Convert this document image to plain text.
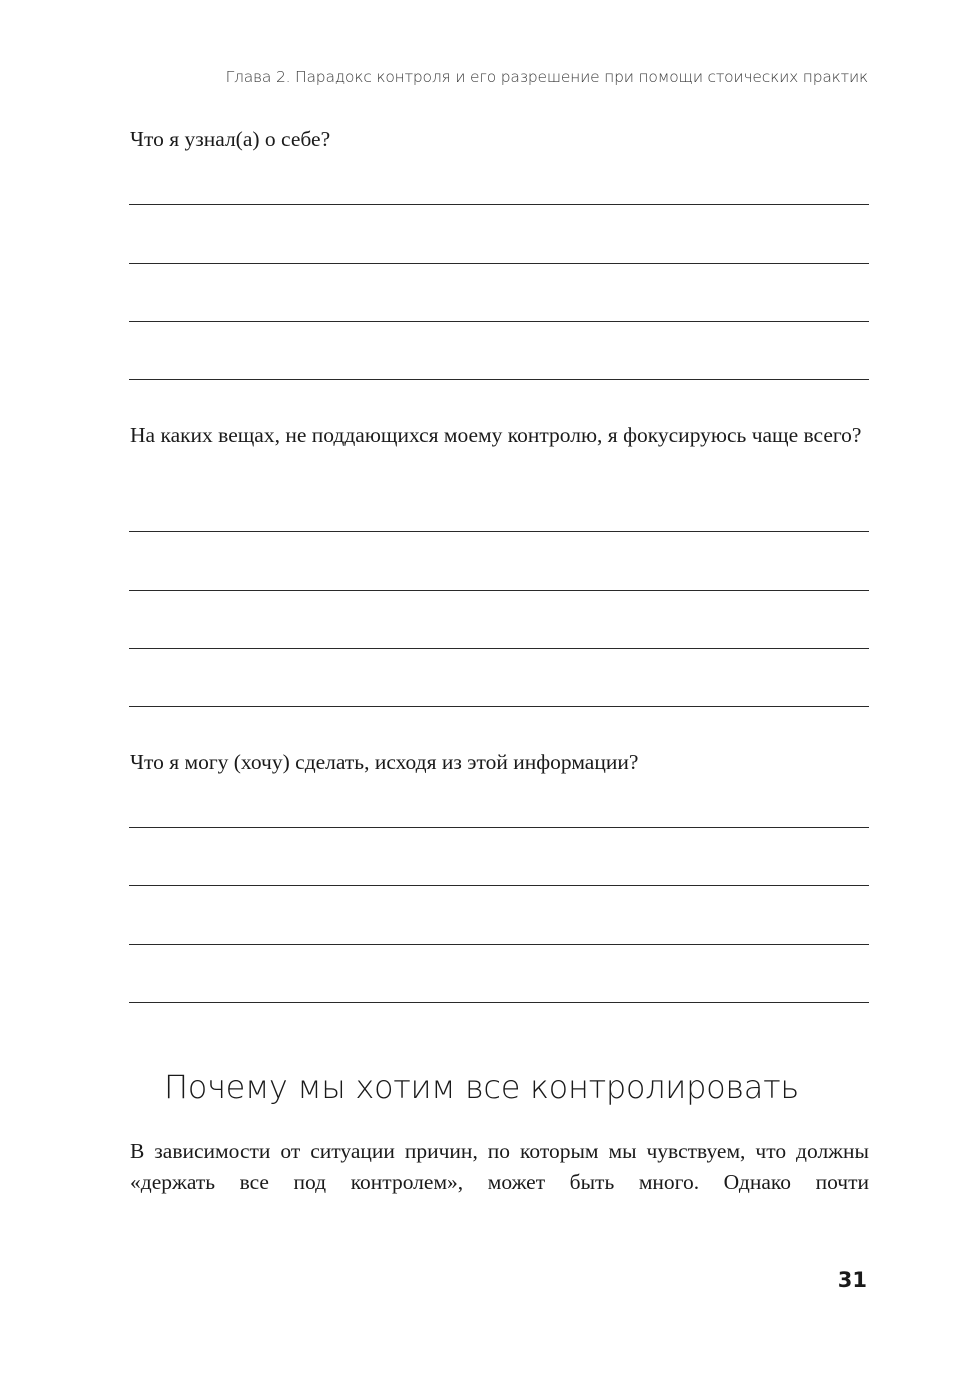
Глава 2. Парадокс контроля и его разрешение при помощи стоических практик
Что я узнал(а) о себе?
На каких вещах, не поддающихся моему контролю, я фокусируюсь чаще всего?
Что я могу (хочу) сделать, исходя из этой информации?
Почему мы хотим все контролировать
В зависимости от ситуации причин, по которым мы чувствуем, что должны «держать все под контролем», может быть много. Однако почти
31
